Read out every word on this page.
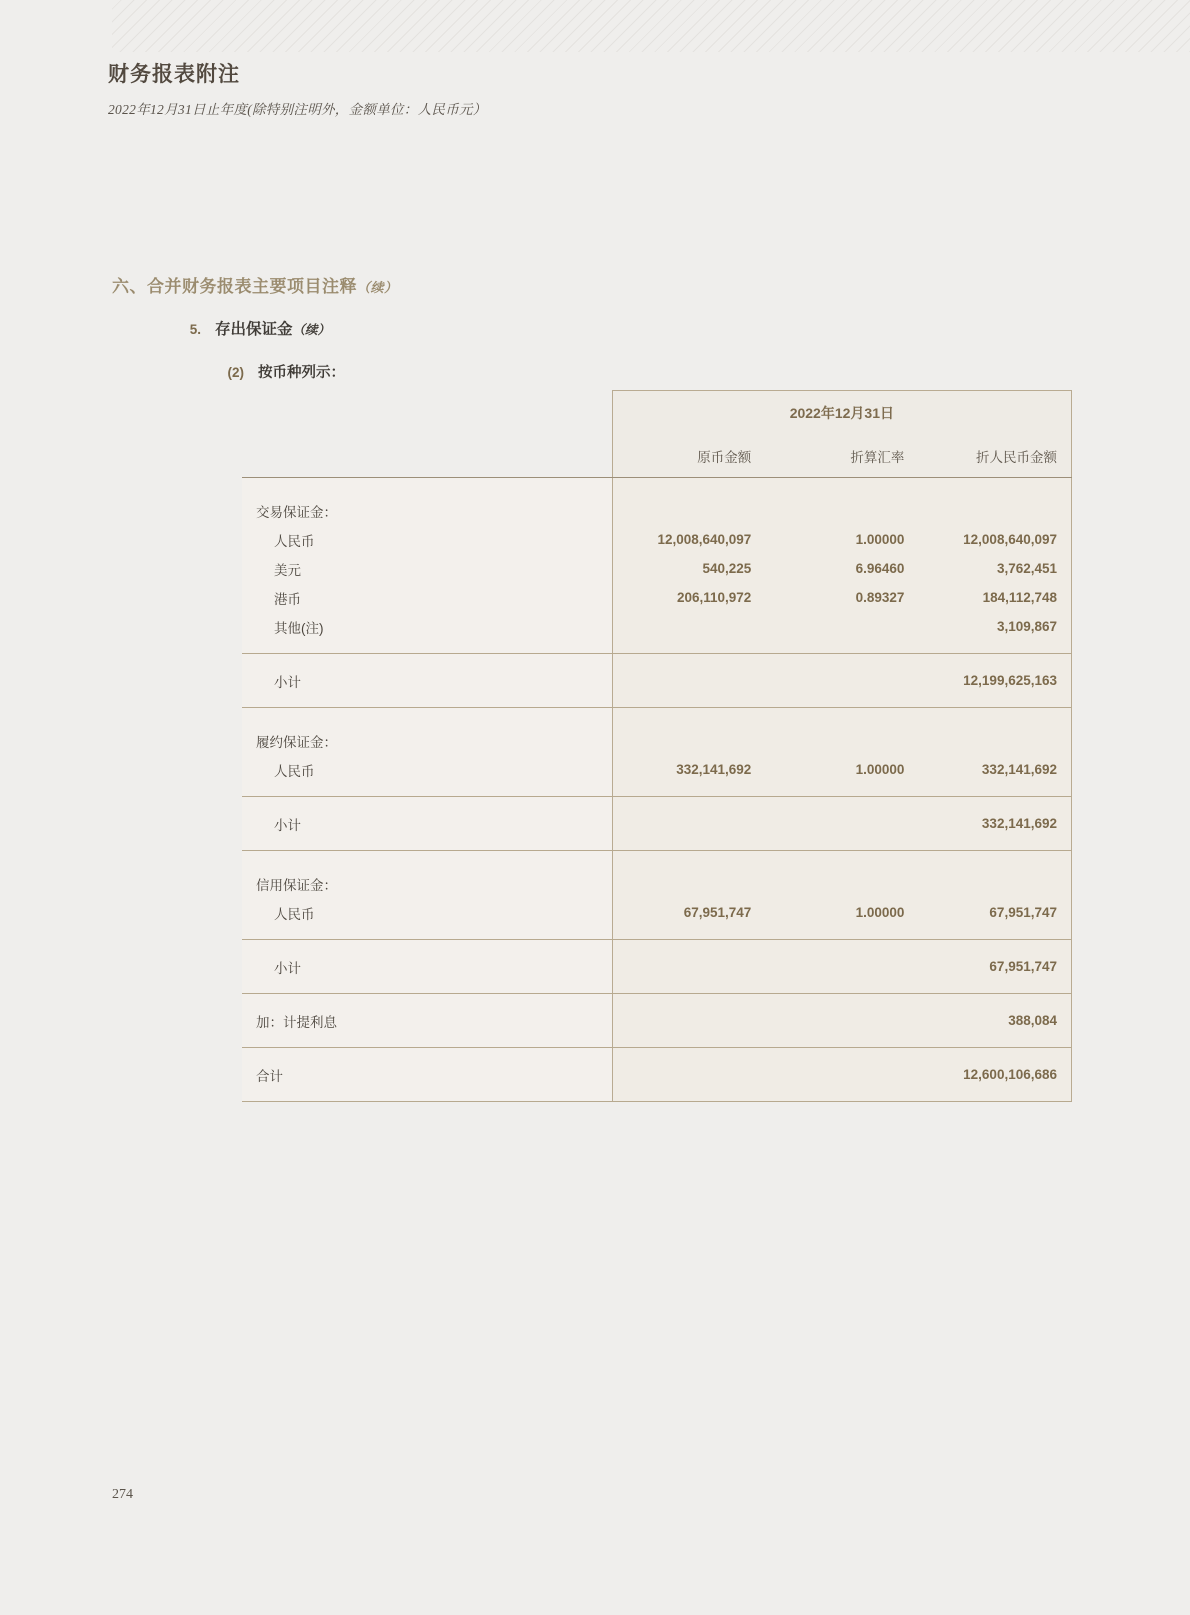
财务报表附注
2022年12月31日止年度(除特别注明外，金额单位：人民币元）
六、合并财务报表主要项目注释（续）
5. 存出保证金（续）
(2) 按币种列示：
	2022年12月31日		
	原币金额	折算汇率	折人民币金额

交易保证金：			
人民币	12,008,640,097	1.00000	12,008,640,097
美元	540,225	6.96460	3,762,451
港币	206,110,972	0.89327	184,112,748
其他(注)			3,109,867

小计			12,199,625,163

履约保证金：			
人民币	332,141,692	1.00000	332,141,692

小计			332,141,692

信用保证金：			
人民币	67,951,747	1.00000	67,951,747

小计			67,951,747

加：计提利息			388,084

合计			12,600,106,686

274
